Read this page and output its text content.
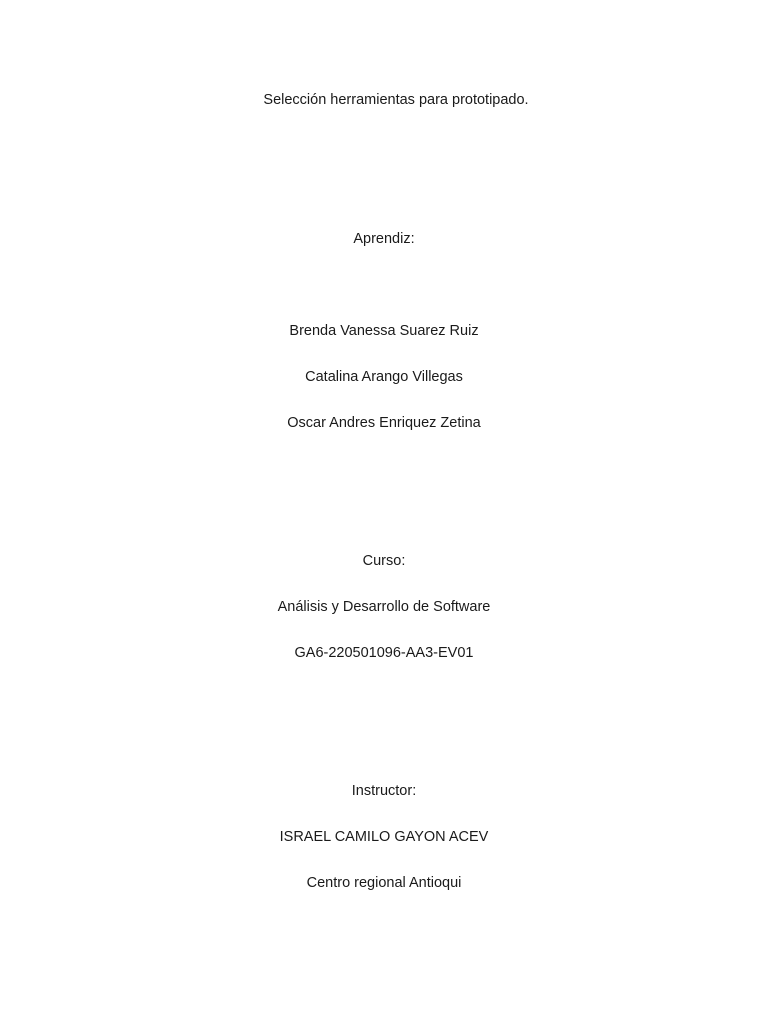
Selección herramientas para prototipado.
Aprendiz:
Brenda Vanessa Suarez Ruiz
Catalina Arango Villegas
Oscar Andres Enriquez Zetina
Curso:
Análisis y Desarrollo de Software
GA6-220501096-AA3-EV01
Instructor:
ISRAEL CAMILO GAYON ACEV
Centro regional Antioqui
